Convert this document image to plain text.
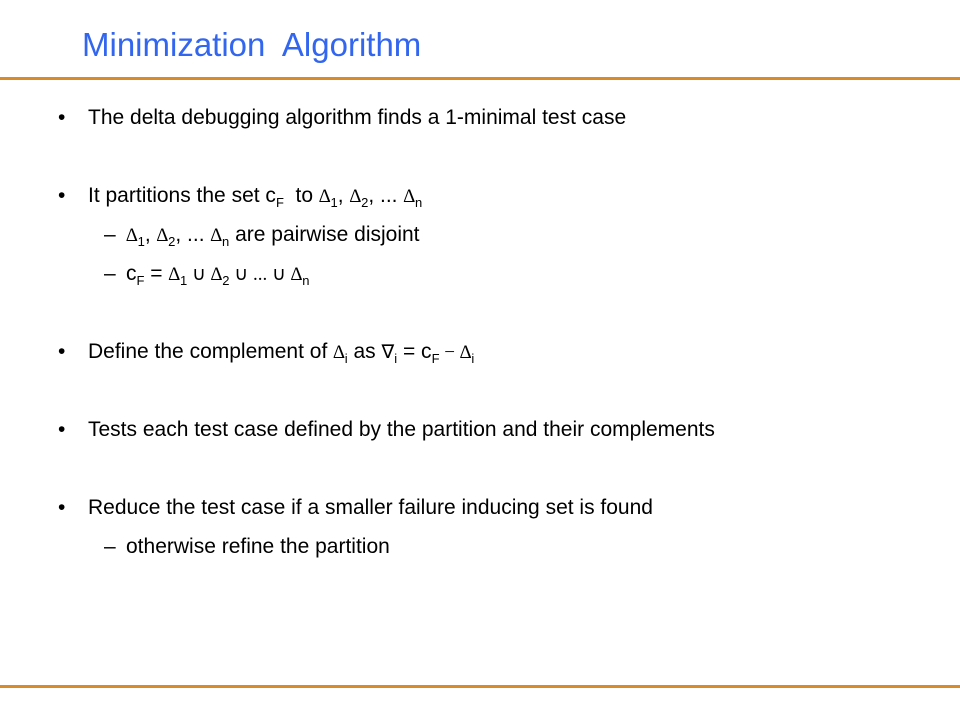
Minimization  Algorithm
• The delta debugging algorithm finds a 1-minimal test case
• It partitions the set $c_F$  to $\Delta_1$, $\Delta_2$, ... $\Delta_n$
– $\Delta_1$, $\Delta_2$, ... $\Delta_n$ are pairwise disjoint
– $c_F = \Delta_1$ ∪ $\Delta_2$ ∪ ... ∪ $\Delta_n$
• Define the complement of $\Delta_i$ as $\nabla_i = c_F - \Delta_i$
• Tests each test case defined by the partition and their complements
• Reduce the test case if a smaller failure inducing set is found
– otherwise refine the partition
